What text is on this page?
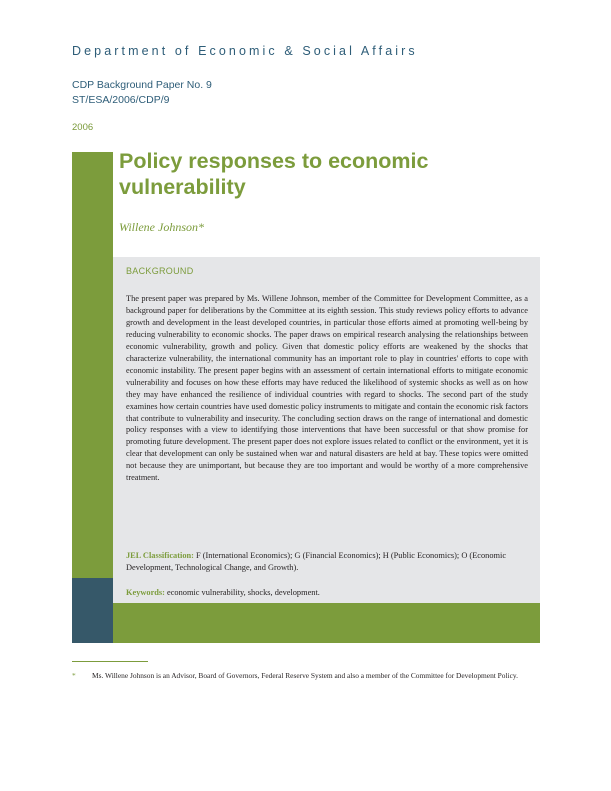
Department of Economic & Social Affairs
CDP Background Paper No. 9
ST/ESA/2006/CDP/9
2006
Policy responses to economic vulnerability
Willene Johnson*
BACKGROUND

The present paper was prepared by Ms. Willene Johnson, member of the Committee for Development Committee, as a background paper for deliberations by the Committee at its eighth session. This study reviews policy efforts to advance growth and development in the least developed countries, in particular those efforts aimed at promoting well-being by reducing vulnerability to economic shocks. The paper draws on empirical research analysing the relationships between economic vulnerability, growth and policy. Given that domestic policy efforts are weakened by the shocks that characterize vulnerability, the international community has an important role to play in countries' efforts to cope with economic instability. The present paper begins with an assessment of certain international efforts to mitigate economic vulnerability and focuses on how these efforts may have reduced the likelihood of systemic shocks as well as on how they may have enhanced the resilience of individual countries with regard to shocks. The second part of the study examines how certain countries have used domestic policy instruments to mitigate and contain the economic risk factors that contribute to vulnerability and insecurity. The concluding section draws on the range of international and domestic policy responses with a view to identifying those interventions that have been successful or that show promise for promoting future development. The present paper does not explore issues related to conflict or the environment, yet it is clear that development can only be sustained when war and natural disasters are held at bay. These topics were omitted not because they are unimportant, but because they are too important and would be worthy of a more comprehensive treatment.

JEL Classification: F (International Economics); G (Financial Economics); H (Public Economics); O (Economic Development, Technological Change, and Growth).

Keywords: economic vulnerability, shocks, development.

*	Ms. Willene Johnson is an Advisor, Board of Governors, Federal Reserve System and also a member of the Committee for Development Policy.
